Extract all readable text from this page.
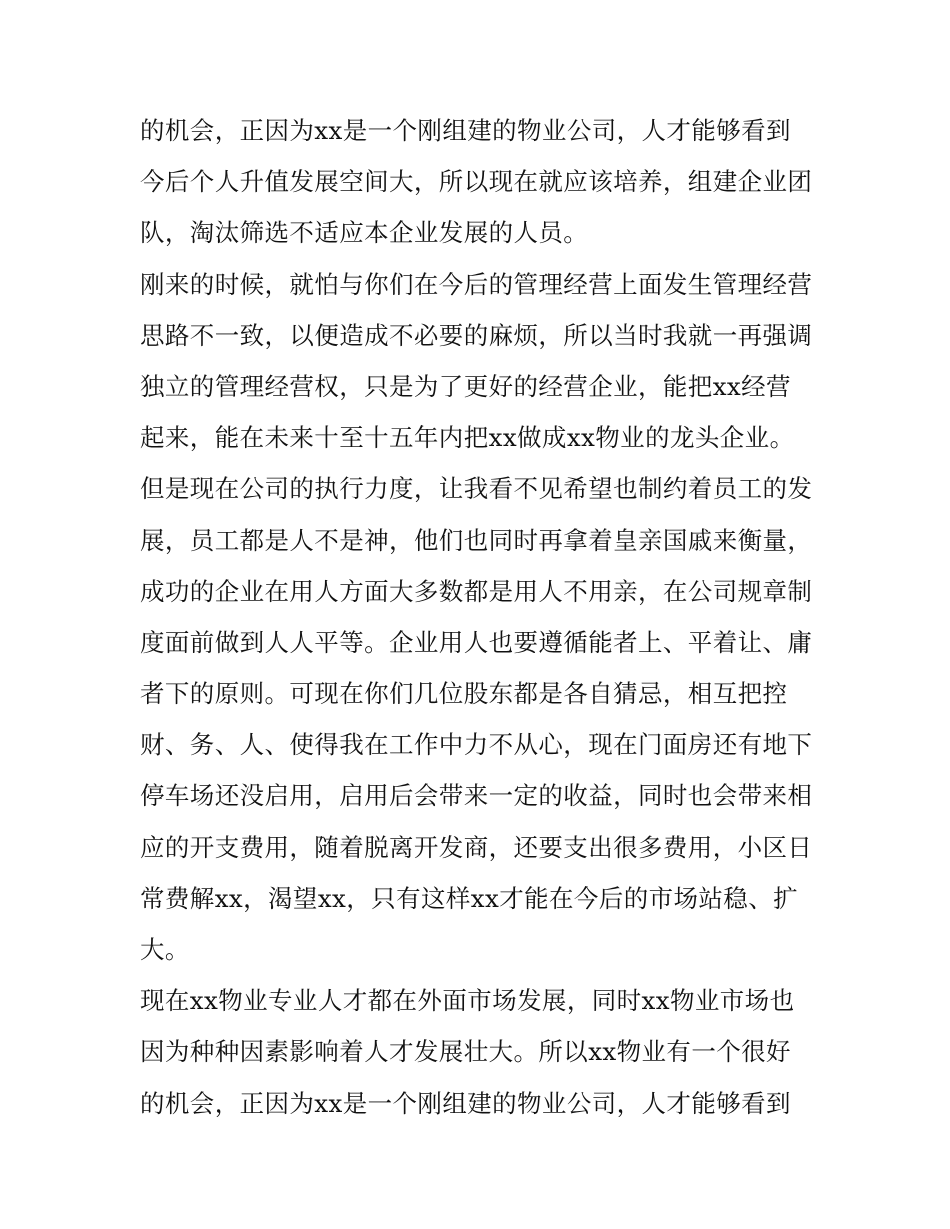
的机会，正因为xx是一个刚组建的物业公司，人才能够看到
今后个人升值发展空间大，所以现在就应该培养，组建企业团
队，淘汰筛选不适应本企业发展的人员。
刚来的时候，就怕与你们在今后的管理经营上面发生管理经营
思路不一致，以便造成不必要的麻烦，所以当时我就一再强调
独立的管理经营权，只是为了更好的经营企业，能把xx经营
起来，能在未来十至十五年内把xx做成xx物业的龙头企业。
但是现在公司的执行力度，让我看不见希望也制约着员工的发
展，员工都是人不是神，他们也同时再拿着皇亲国戚来衡量，
成功的企业在用人方面大多数都是用人不用亲，在公司规章制
度面前做到人人平等。企业用人也要遵循能者上、平着让、庸
者下的原则。可现在你们几位股东都是各自猜忌，相互把控
财、务、人、使得我在工作中力不从心，现在门面房还有地下
停车场还没启用，启用后会带来一定的收益，同时也会带来相
应的开支费用，随着脱离开发商，还要支出很多费用，小区日
常费解xx，渴望xx，只有这样xx才能在今后的市场站稳、扩
大。
现在xx物业专业人才都在外面市场发展，同时xx物业市场也
因为种种因素影响着人才发展壮大。所以xx物业有一个很好
的机会，正因为xx是一个刚组建的物业公司，人才能够看到
